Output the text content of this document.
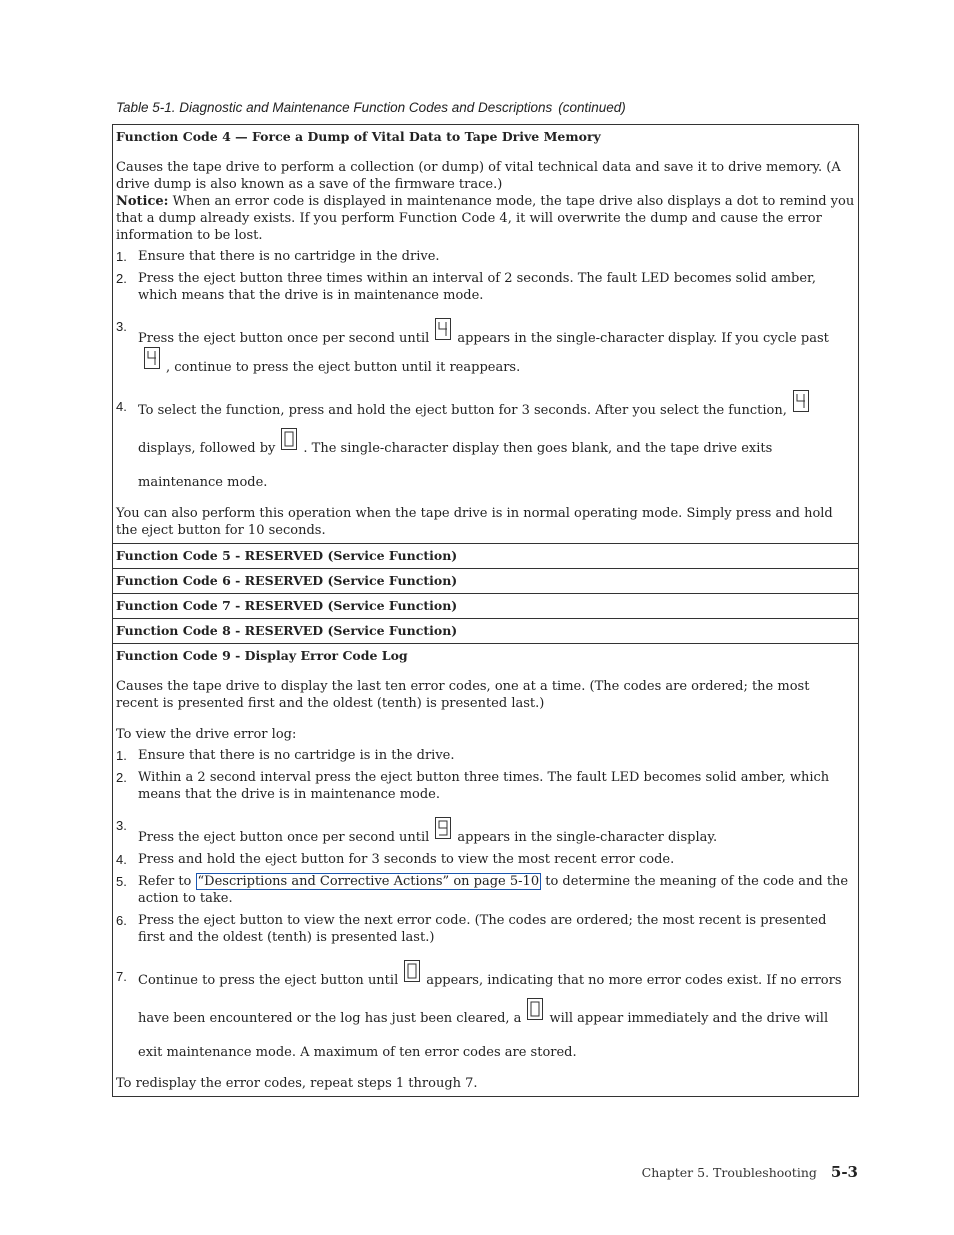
Table 5-1. Diagnostic and Maintenance Function Codes and Descriptions (continued)

Function Code 4 — Force a Dump of Vital Data to Tape Drive Memory

Causes the tape drive to perform a collection (or dump) of vital technical data and save it to drive memory. (A drive dump is also known as a save of the firmware trace.)

Notice: When an error code is displayed in maintenance mode, the tape drive also displays a dot to remind you that a dump already exists. If you perform Function Code 4, it will overwrite the dump and cause the error information to be lost.

1. Ensure that there is no cartridge in the drive.
2. Press the eject button three times within an interval of 2 seconds. The fault LED becomes solid amber, which means that the drive is in maintenance mode.
3.
Press the eject button once per second until appears in the single-character display. If you cycle past
, continue to press the eject button until it reappears.
4. To select the function, press and hold the eject button for 3 seconds. After you select the function,
displays, followed by . The single-character display then goes blank, and the tape drive exits maintenance mode.

You can also perform this operation when the tape drive is in normal operating mode. Simply press and hold the eject button for 10 seconds.

Function Code 5 - RESERVED (Service Function)
Function Code 6 - RESERVED (Service Function)
Function Code 7 - RESERVED (Service Function)
Function Code 8 - RESERVED (Service Function)

Function Code 9 - Display Error Code Log

Causes the tape drive to display the last ten error codes, one at a time. (The codes are ordered; the most recent is presented first and the oldest (tenth) is presented last.)

To view the drive error log:

1. Ensure that there is no cartridge is in the drive.
2. Within a 2 second interval press the eject button three times. The fault LED becomes solid amber, which means that the drive is in maintenance mode.
3.
Press the eject button once per second until appears in the single-character display.
4. Press and hold the eject button for 3 seconds to view the most recent error code.
5. Refer to “Descriptions and Corrective Actions” on page 5-10 to determine the meaning of the code and the action to take.
6. Press the eject button to view the next error code. (The codes are ordered; the most recent is presented first and the oldest (tenth) is presented last.)
7. Continue to press the eject button until appears, indicating that no more error codes exist. If no errors have been encountered or the log has just been cleared, a will appear immediately and the drive will exit maintenance mode. A maximum of ten error codes are stored.

To redisplay the error codes, repeat steps 1 through 7.

Chapter 5. Troubleshooting 5-3
